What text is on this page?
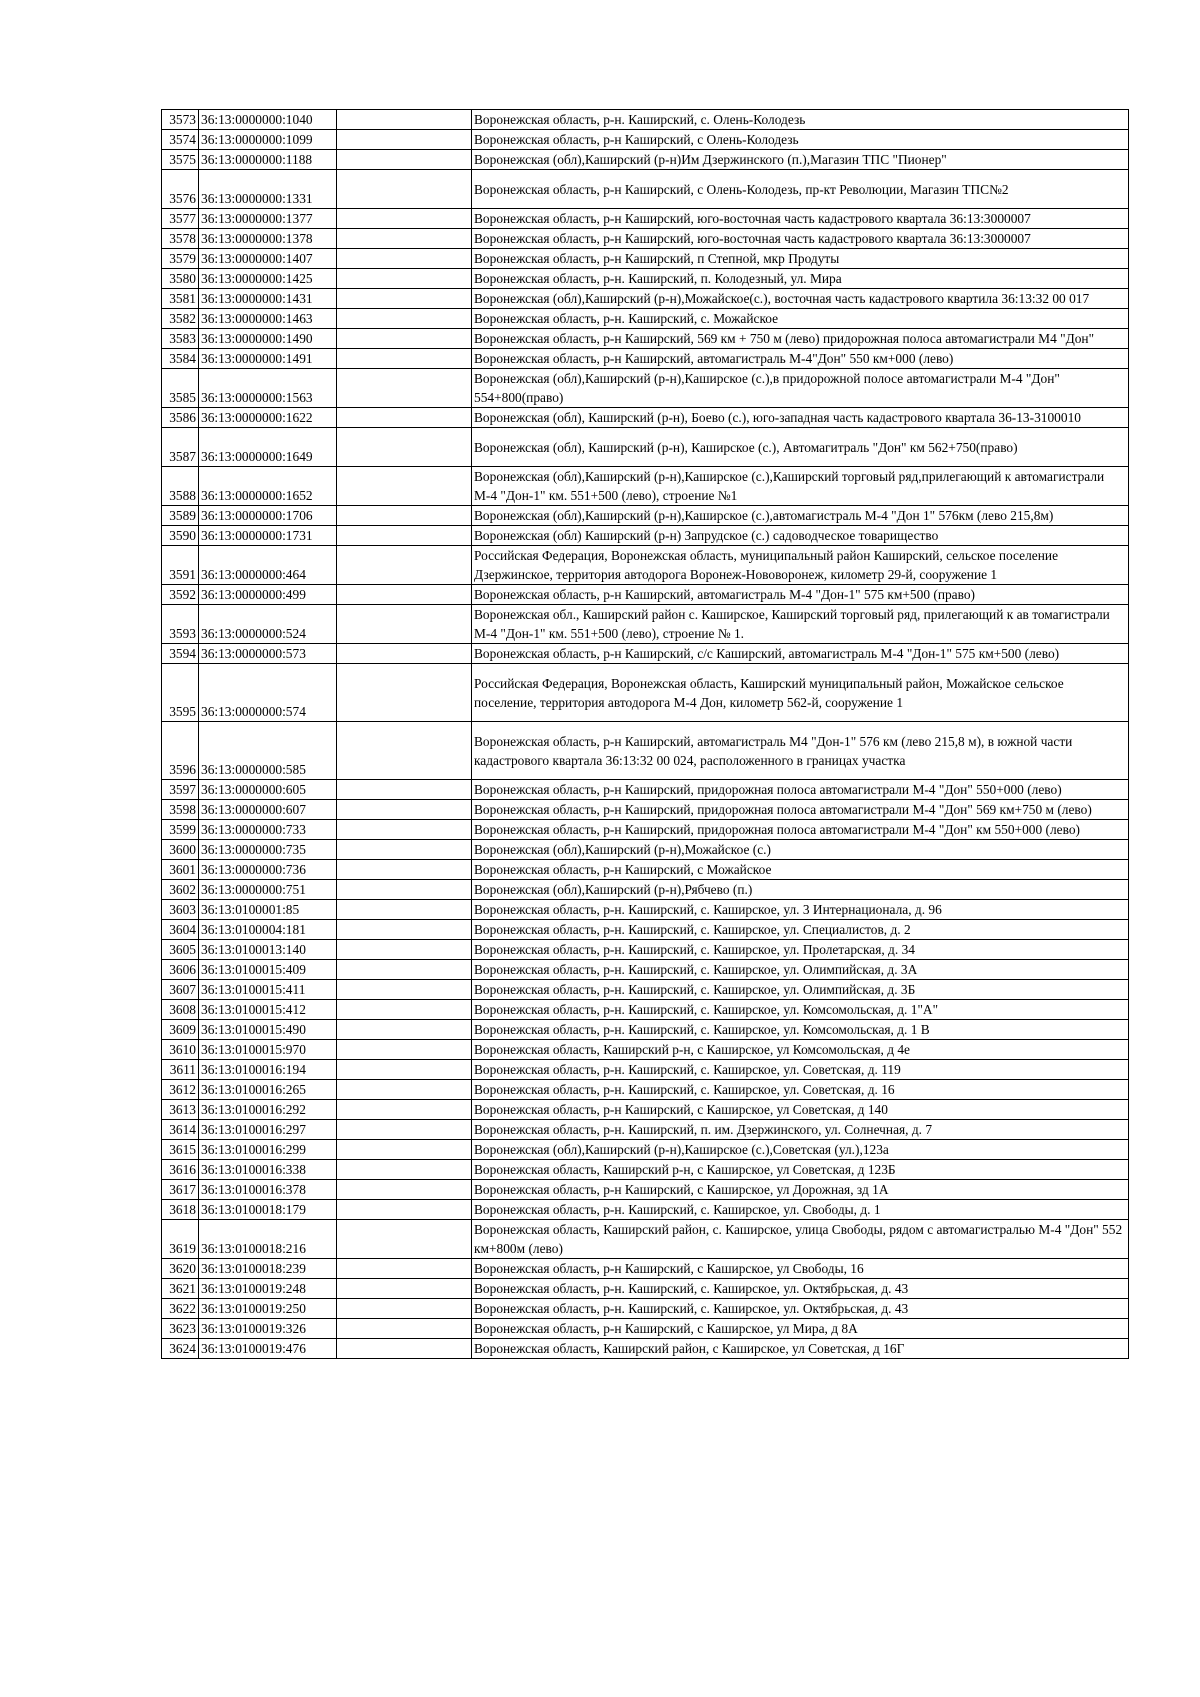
3573	36:13:0000000:1040		Воронежская область, р-н. Каширский, с. Олень-Колодезь
3574	36:13:0000000:1099		Воронежская область, р-н Каширский, с Олень-Колодезь
3575	36:13:0000000:1188		Воронежская (обл),Каширский (р-н)Им Дзержинского (п.),Магазин ТПС "Пионер"
3576	36:13:0000000:1331		Воронежская область, р-н Каширский, с Олень-Колодезь, пр-кт Революции, Магазин ТПС№2
3577	36:13:0000000:1377		Воронежская область, р-н Каширский, юго-восточная часть кадастрового квартала 36:13:3000007
3578	36:13:0000000:1378		Воронежская область, р-н Каширский, юго-восточная часть кадастрового квартала 36:13:3000007
3579	36:13:0000000:1407		Воронежская область, р-н Каширский, п Степной, мкр Продуты
3580	36:13:0000000:1425		Воронежская область, р-н. Каширский, п. Колодезный, ул. Мира
3581	36:13:0000000:1431		Воронежская (обл),Каширский (р-н),Можайское(с.), восточная часть кадастрового квартила 36:13:32 00 017
3582	36:13:0000000:1463		Воронежская область, р-н. Каширский, с. Можайское
3583	36:13:0000000:1490		Воронежская область, р-н Каширский, 569 км + 750 м (лево) придорожная полоса автомагистрали М4 "Дон"
3584	36:13:0000000:1491		Воронежская область, р-н Каширский, автомагистраль М-4"Дон" 550 км+000 (лево)
3585	36:13:0000000:1563		Воронежская (обл),Каширский (р-н),Каширское (с.),в придорожной полосе автомагистрали М-4 "Дон" 554+800(право)
3586	36:13:0000000:1622		Воронежская (обл), Каширский (р-н), Боево (с.), юго-западная часть кадастрового квартала 36-13-3100010
3587	36:13:0000000:1649		Воронежская (обл), Каширский (р-н), Каширское (с.), Автомагитраль "Дон" км 562+750(право)
3588	36:13:0000000:1652		Воронежская (обл),Каширский (р-н),Каширское (с.),Каширский торговый ряд,прилегающий к автомагистрали М-4 "Дон-1" км. 551+500 (лево), строение №1
3589	36:13:0000000:1706		Воронежская (обл),Каширский (р-н),Каширское (с.),автомагистраль М-4 "Дон 1" 576км (лево 215,8м)
3590	36:13:0000000:1731		Воронежская (обл) Каширский (р-н) Запрудское (с.) садоводческое товарищество
3591	36:13:0000000:464		Российская Федерация, Воронежская область, муниципальный район Каширский, сельское поселение Дзержинское, территория автодорога Воронеж-Нововоронеж, километр 29-й, сооружение 1
3592	36:13:0000000:499		Воронежская область, р-н Каширский, автомагистраль М-4 "Дон-1" 575 км+500 (право)
3593	36:13:0000000:524		Воронежская обл., Каширский район с. Каширское, Каширский торговый ряд, прилегающий к ав томагистрали М-4 "Дон-1" км. 551+500 (лево), строение № 1.
3594	36:13:0000000:573		Воронежская область, р-н Каширский, с/с Каширский, автомагистраль М-4 "Дон-1" 575 км+500 (лево)
3595	36:13:0000000:574		Российская Федерация, Воронежская область, Каширский муниципальный район, Можайское сельское поселение, территория автодорога М-4 Дон, километр 562-й, сооружение 1
3596	36:13:0000000:585		Воронежская область, р-н Каширский, автомагистраль М4 "Дон-1" 576 км (лево 215,8 м), в южной части кадастрового квартала 36:13:32 00 024, расположенного в границах участка
3597	36:13:0000000:605		Воронежская область, р-н Каширский, придорожная полоса автомагистрали М-4 "Дон" 550+000 (лево)
3598	36:13:0000000:607		Воронежская область, р-н Каширский, придорожная полоса автомагистрали М-4 "Дон" 569 км+750 м (лево)
3599	36:13:0000000:733		Воронежская область, р-н Каширский, придорожная полоса автомагистрали М-4 "Дон" км 550+000 (лево)
3600	36:13:0000000:735		Воронежская (обл),Каширский (р-н),Можайское (с.)
3601	36:13:0000000:736		Воронежская область, р-н Каширский, с Можайское
3602	36:13:0000000:751		Воронежская (обл),Каширский (р-н),Рябчево (п.)
3603	36:13:0100001:85		Воронежская область, р-н. Каширский, с. Каширское, ул. 3 Интернационала, д. 96
3604	36:13:0100004:181		Воронежская область, р-н. Каширский, с. Каширское, ул. Специалистов, д. 2
3605	36:13:0100013:140		Воронежская область, р-н. Каширский, с. Каширское, ул. Пролетарская, д. 34
3606	36:13:0100015:409		Воронежская область, р-н. Каширский, с. Каширское, ул. Олимпийская, д. 3А
3607	36:13:0100015:411		Воронежская область, р-н. Каширский, с. Каширское, ул. Олимпийская, д. 3Б
3608	36:13:0100015:412		Воронежская область, р-н. Каширский, с. Каширское, ул. Комсомольская, д. 1"А"
3609	36:13:0100015:490		Воронежская область, р-н. Каширский, с. Каширское, ул. Комсомольская, д. 1 В
3610	36:13:0100015:970		Воронежская область, Каширский р-н, с Каширское, ул Комсомольская, д 4е
3611	36:13:0100016:194		Воронежская область, р-н. Каширский, с. Каширское, ул. Советская, д. 119
3612	36:13:0100016:265		Воронежская область, р-н. Каширский, с. Каширское, ул. Советская, д. 16
3613	36:13:0100016:292		Воронежская область, р-н Каширский, с Каширское, ул Советская, д 140
3614	36:13:0100016:297		Воронежская область, р-н. Каширский, п. им. Дзержинского, ул. Солнечная, д. 7
3615	36:13:0100016:299		Воронежская (обл),Каширский (р-н),Каширское (с.),Советская (ул.),123а
3616	36:13:0100016:338		Воронежская область, Каширский р-н, с Каширское, ул Советская, д 123Б
3617	36:13:0100016:378		Воронежская область, р-н Каширский, с Каширское, ул Дорожная, зд 1А
3618	36:13:0100018:179		Воронежская область, р-н. Каширский, с. Каширское, ул. Свободы, д. 1
3619	36:13:0100018:216		Воронежская область, Каширский район, с. Каширское, улица Свободы, рядом с автомагистралью М-4 "Дон" 552 км+800м (лево)
3620	36:13:0100018:239		Воронежская область, р-н Каширский, с Каширское, ул Свободы, 16
3621	36:13:0100019:248		Воронежская область, р-н. Каширский, с. Каширское, ул. Октябрьская, д. 43
3622	36:13:0100019:250		Воронежская область, р-н. Каширский, с. Каширское, ул. Октябрьская, д. 43
3623	36:13:0100019:326		Воронежская область, р-н Каширский, с Каширское, ул Мира, д 8А
3624	36:13:0100019:476		Воронежская область, Каширский район, с Каширское, ул Советская, д 16Г
